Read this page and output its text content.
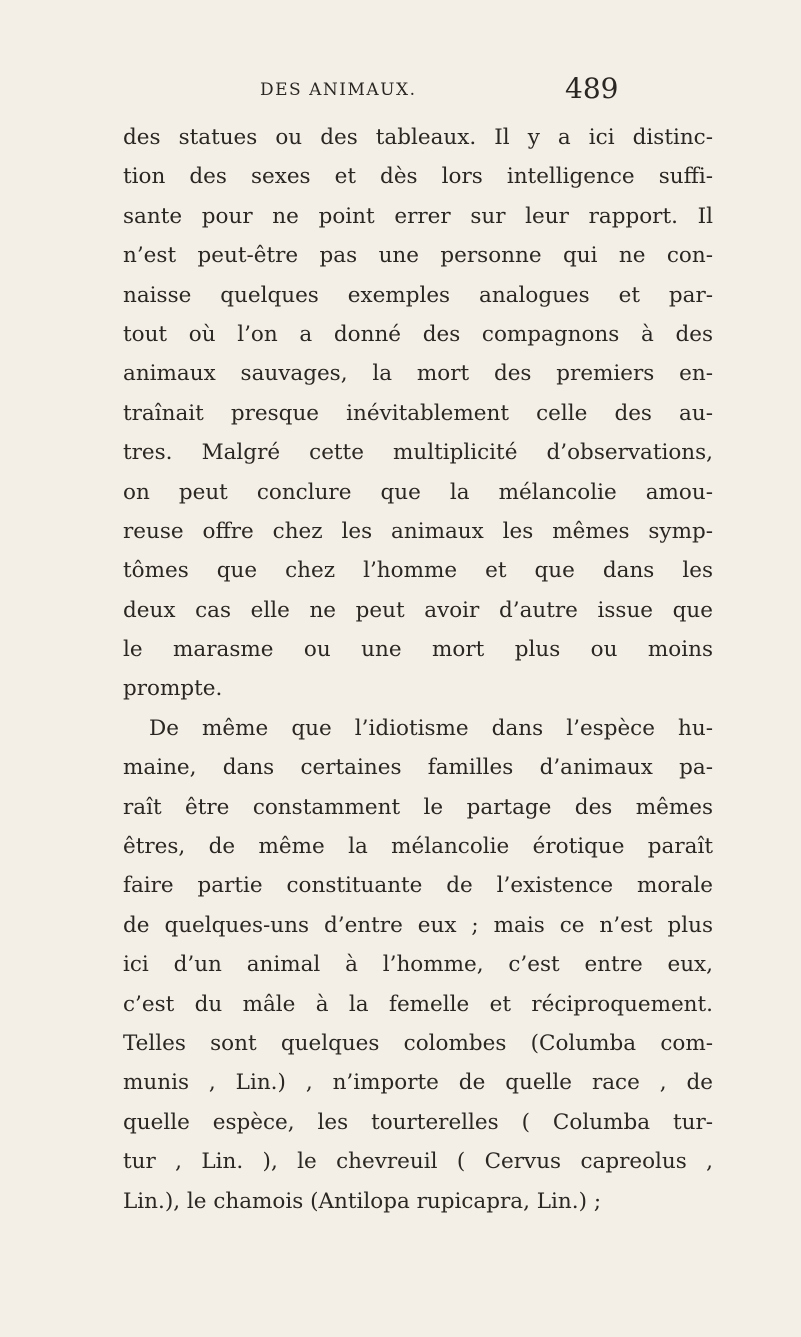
DES ANIMAUX.	489
des statues ou des tableaux. Il y a ici distinc-
tion des sexes et dès lors intelligence suffi-
sante pour ne point errer sur leur rapport. Il
n’est peut-être pas une personne qui ne con-
naisse quelques exemples analogues et par-
tout où l’on a donné des compagnons à des
animaux sauvages, la mort des premiers en-
traînait presque inévitablement celle des au-
tres. Malgré cette multiplicité d’observations,
on peut conclure que la mélancolie amou-
reuse offre chez les animaux les mêmes symp-
tômes que chez l’homme et que dans les
deux cas elle ne peut avoir d’autre issue que
le marasme ou une mort plus ou moins
prompte.
De même que l’idiotisme dans l’espèce hu-
maine, dans certaines familles d’animaux pa-
raît être constamment le partage des mêmes
êtres, de même la mélancolie érotique paraît
faire partie constituante de l’existence morale
de quelques-uns d’entre eux ; mais ce n’est plus
ici d’un animal à l’homme, c’est entre eux,
c’est du mâle à la femelle et réciproquement.
Telles sont quelques colombes (Columba com-
munis , Lin.) , n’importe de quelle race , de
quelle espèce, les tourterelles ( Columba tur-
tur , Lin. ), le chevreuil ( Cervus capreolus ,
Lin.), le chamois (Antilopa rupicapra, Lin.) ;
